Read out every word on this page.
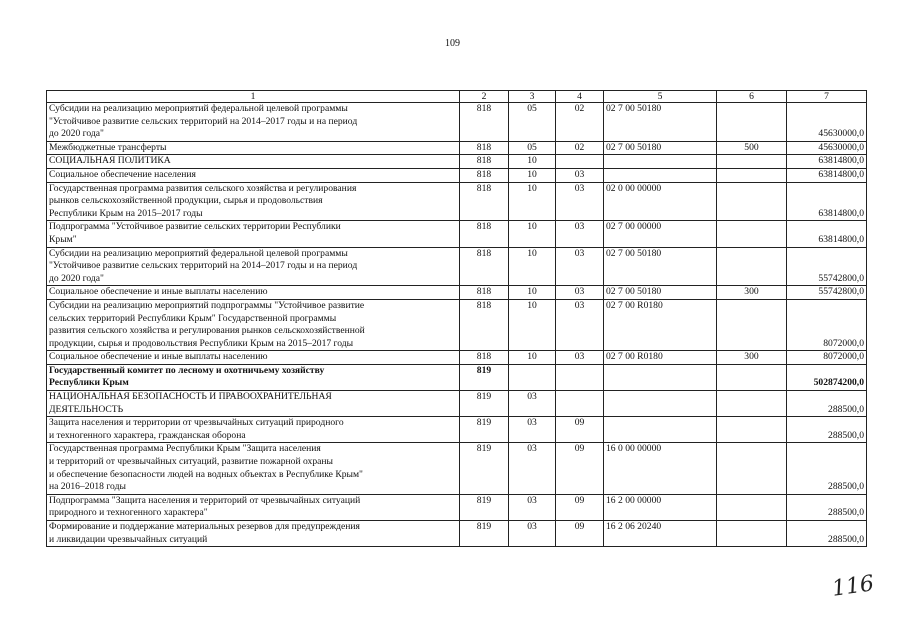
109
1	2	3	4	5	6	7
Субсидии на реализацию мероприятий федеральной целевой программы
"Устойчивое развитие сельских территорий на 2014–2017 годы и на период
до 2020 года"	818	05	02	02 7 00 50180		45630000,0
Межбюджетные трансферты	818	05	02	02 7 00 50180	500	45630000,0
СОЦИАЛЬНАЯ ПОЛИТИКА	818	10				63814800,0
Социальное обеспечение населения	818	10	03			63814800,0
Государственная программа развития сельского хозяйства и регулирования
рынков сельскохозяйственной продукции, сырья и продовольствия
Республики Крым на 2015–2017 годы	818	10	03	02 0 00 00000		63814800,0
Подпрограмма "Устойчивое развитие сельских территории Республики
Крым"	818	10	03	02 7 00 00000		63814800,0
Субсидии на реализацию мероприятий федеральной целевой программы
"Устойчивое развитие сельских территорий на 2014–2017 годы и на период
до 2020 года"	818	10	03	02 7 00 50180		55742800,0
Социальное обеспечение и иные выплаты населению	818	10	03	02 7 00 50180	300	55742800,0
Субсидии на реализацию мероприятий подпрограммы "Устойчивое развитие
сельских территорий Республики Крым" Государственной программы
развития сельского хозяйства и регулирования рынков сельскохозяйственной
продукции, сырья и продовольствия Республики Крым на 2015–2017 годы	818	10	03	02 7 00 R0180		8072000,0
Социальное обеспечение и иные выплаты населению	818	10	03	02 7 00 R0180	300	8072000,0
Государственный комитет по лесному и охотничьему хозяйству
Республики Крым	819					502874200,0
НАЦИОНАЛЬНАЯ БЕЗОПАСНОСТЬ И ПРАВООХРАНИТЕЛЬНАЯ
ДЕЯТЕЛЬНОСТЬ	819	03				288500,0
Защита населения и территории от чрезвычайных ситуаций природного
и техногенного характера, гражданская оборона	819	03	09			288500,0
Государственная программа Республики Крым "Защита населения
и территорий от чрезвычайных ситуаций, развитие пожарной охраны
и обеспечение безопасности людей на водных объектах в Республике Крым"
на 2016–2018 годы	819	03	09	16 0 00 00000		288500,0
Подпрограмма "Защита населения и территорий от чрезвычайных ситуаций
природного и техногенного характера"	819	03	09	16 2 00 00000		288500,0
Формирование и поддержание материальных резервов для предупреждения
и ликвидации чрезвычайных ситуаций	819	03	09	16 2 06 20240		288500,0
116
